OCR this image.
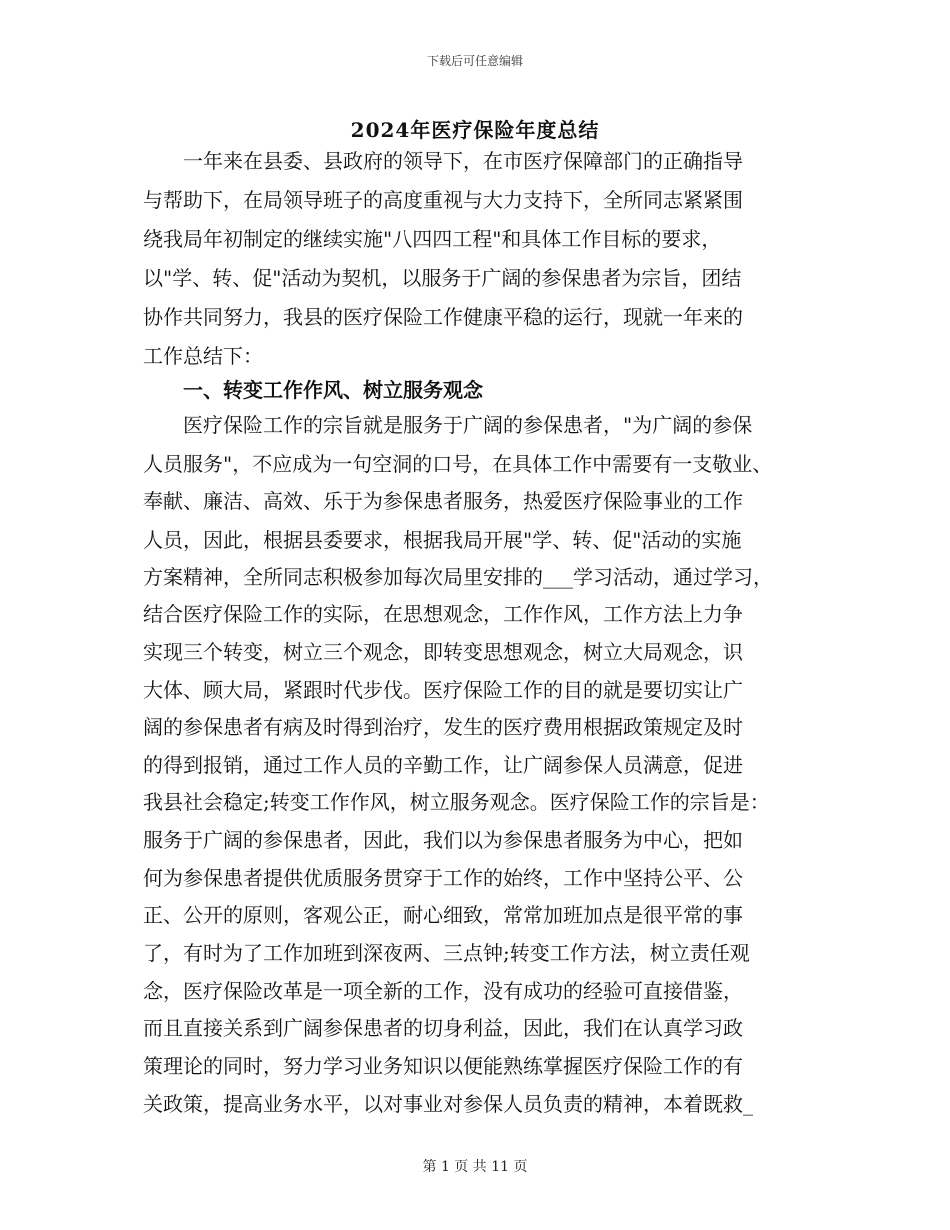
下载后可任意编辑
2024年医疗保险年度总结
一年来在县委、县政府的领导下，在市医疗保障部门的正确指导
与帮助下，在局领导班子的高度重视与大力支持下，全所同志紧紧围
绕我局年初制定的继续实施"八四四工程"和具体工作目标的要求，
以"学、转、促"活动为契机，以服务于广阔的参保患者为宗旨，团结
协作共同努力，我县的医疗保险工作健康平稳的运行，现就一年来的
工作总结下：
一、转变工作作风、树立服务观念
医疗保险工作的宗旨就是服务于广阔的参保患者，"为广阔的参保
人员服务"，不应成为一句空洞的口号，在具体工作中需要有一支敬业、
奉献、廉洁、高效、乐于为参保患者服务，热爱医疗保险事业的工作
人员，因此，根据县委要求，根据我局开展"学、转、促"活动的实施
方案精神，全所同志积极参加每次局里安排的___学习活动，通过学习，
结合医疗保险工作的实际，在思想观念，工作作风，工作方法上力争
实现三个转变，树立三个观念，即转变思想观念，树立大局观念，识
大体、顾大局，紧跟时代步伐。医疗保险工作的目的就是要切实让广
阔的参保患者有病及时得到治疗，发生的医疗费用根据政策规定及时
的得到报销，通过工作人员的辛勤工作，让广阔参保人员满意，促进
我县社会稳定;转变工作作风，树立服务观念。医疗保险工作的宗旨是：
服务于广阔的参保患者，因此，我们以为参保患者服务为中心，把如
何为参保患者提供优质服务贯穿于工作的始终，工作中坚持公平、公
正、公开的原则，客观公正，耐心细致，常常加班加点是很平常的事
了，有时为了工作加班到深夜两、三点钟;转变工作方法，树立责任观
念，医疗保险改革是一项全新的工作，没有成功的经验可直接借鉴，
而且直接关系到广阔参保患者的切身利益，因此，我们在认真学习政
策理论的同时，努力学习业务知识以便能熟练掌握医疗保险工作的有
关政策，提高业务水平，以对事业对参保人员负责的精神，本着既救_
第 1 页 共 11 页
